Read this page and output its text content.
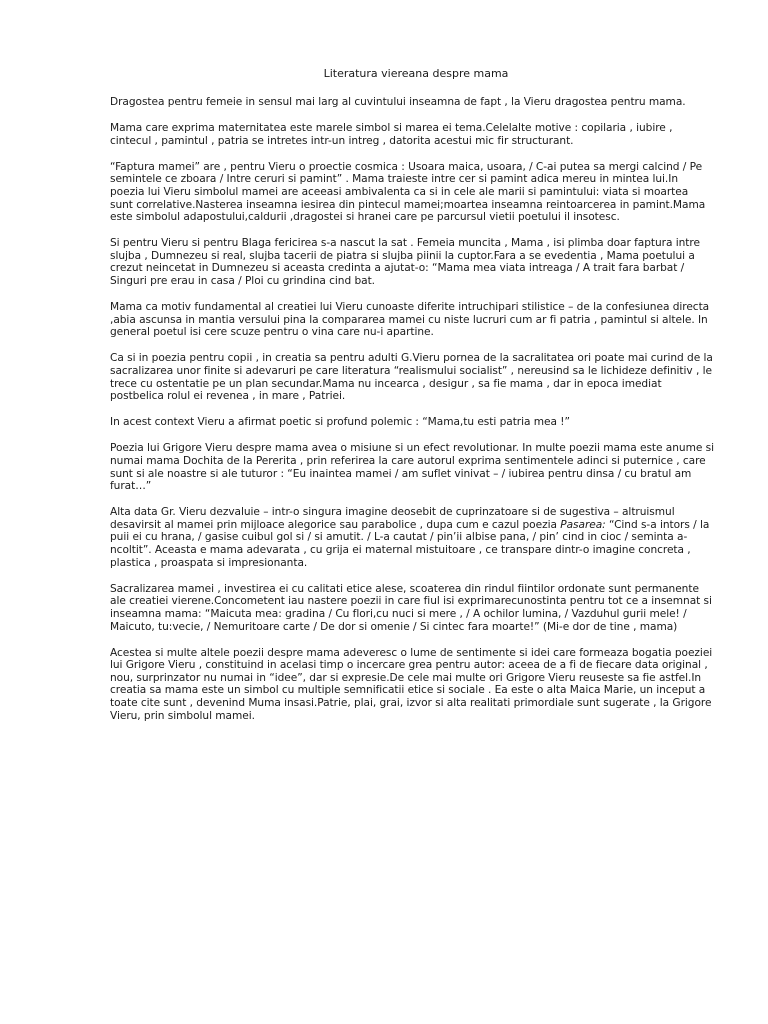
Literatura viereana despre mama

Dragostea pentru femeie in sensul mai larg al cuvintului inseamna de fapt , la Vieru dragostea pentru mama.

Mama care exprima maternitatea este marele simbol si marea ei tema.Celelalte motive : copilaria , iubire , cintecul , pamintul , patria se intretes intr-un intreg , datorita acestui mic fir structurant.

“Faptura mamei” are , pentru Vieru o proectie cosmica : Usoara maica, usoara, / C-ai putea sa mergi calcind / Pe semintele ce zboara / Intre ceruri si pamint” . Mama traieste intre cer si pamint adica mereu in mintea lui.In poezia lui Vieru simbolul mamei are aceeasi ambivalenta ca si in cele ale marii si pamintului: viata si moartea sunt correlative.Nasterea inseamna iesirea din pintecul mamei;moartea inseamna reintoarcerea in pamint.Mama este simbolul adapostului,caldurii ,dragostei si hranei care pe parcursul vietii poetului il insotesc.

Si pentru Vieru si pentru Blaga fericirea s-a nascut la sat . Femeia muncita , Mama , isi plimba doar faptura intre slujba , Dumnezeu si real, slujba tacerii de piatra si slujba piinii la cuptor.Fara a se evedentia , Mama poetului a crezut neincetat in Dumnezeu si aceasta credinta a ajutat-o: “Mama mea viata intreaga / A trait fara barbat / Singuri pre erau in casa / Ploi cu grindina cind bat.

Mama ca motiv fundamental al creatiei lui Vieru cunoaste diferite intruchipari stilistice – de la confesiunea directa ,abia ascunsa in mantia versului pina la compararea mamei cu niste lucruri cum ar fi patria , pamintul si altele. In general poetul isi cere scuze pentru o vina care nu-i apartine.

Ca si in poezia pentru copii , in creatia sa pentru adulti G.Vieru pornea de la sacralitatea ori poate mai curind de la sacralizarea unor finite si adevaruri pe care literatura “realismului socialist” , nereusind sa le lichideze definitiv , le trece cu ostentatie pe un plan secundar.Mama nu incearca , desigur , sa fie mama , dar in epoca imediat postbelica rolul ei revenea , in mare , Patriei.

In acest context Vieru a afirmat poetic si profund polemic : “Mama,tu esti patria mea !”

Poezia lui Grigore Vieru despre mama avea o misiune si un efect revolutionar. In multe poezii mama este anume si numai mama Dochita de la Pererita , prin referirea la care autorul exprima sentimentele adinci si puternice , care sunt si ale noastre si ale tuturor : “Eu inaintea mamei / am suflet vinivat – / iubirea pentru dinsa / cu bratul am furat…”

Alta data Gr. Vieru dezvaluie – intr-o singura imagine deosebit de cuprinzatoare si de sugestiva – altruismul desavirsit al mamei prin mijloace alegorice sau parabolice , dupa cum e cazul poezia Pasarea: “Cind s-a intors / la puii ei cu hrana, / gasise cuibul gol si / si amutit. / L-a cautat / pin’ii albise pana, / pin’ cind in cioc / seminta a-ncoltit”. Aceasta e mama adevarata , cu grija ei maternal mistuitoare , ce transpare dintr-o imagine concreta , plastica , proaspata si impresionanta.

Sacralizarea mamei , investirea ei cu calitati etice alese, scoaterea din rindul fiintilor ordonate sunt permanente ale creatiei vierene.Concometent iau nastere poezii in care fiul isi exprimarecunostinta pentru tot ce a insemnat si inseamna mama: “Maicuta mea: gradina / Cu flori,cu nuci si mere , / A ochilor lumina, / Vazduhul gurii mele! / Maicuto, tu:vecie, / Nemuritoare carte / De dor si omenie / Si cintec fara moarte!” (Mi-e dor de tine , mama)

Acestea si multe altele poezii despre mama adeveresc o lume de sentimente si idei care formeaza bogatia poeziei lui Grigore Vieru , constituind in acelasi timp o incercare grea pentru autor: aceea de a fi de fiecare data original , nou, surprinzator nu numai in “idee”, dar si expresie.De cele mai multe ori Grigore Vieru reuseste sa fie astfel.In creatia sa mama este un simbol cu multiple semnificatii etice si sociale . Ea este o alta Maica Marie, un inceput a toate cite sunt , devenind Muma insasi.Patrie, plai, grai, izvor si alta realitati primordiale sunt sugerate , la Grigore Vieru, prin simbolul mamei.
